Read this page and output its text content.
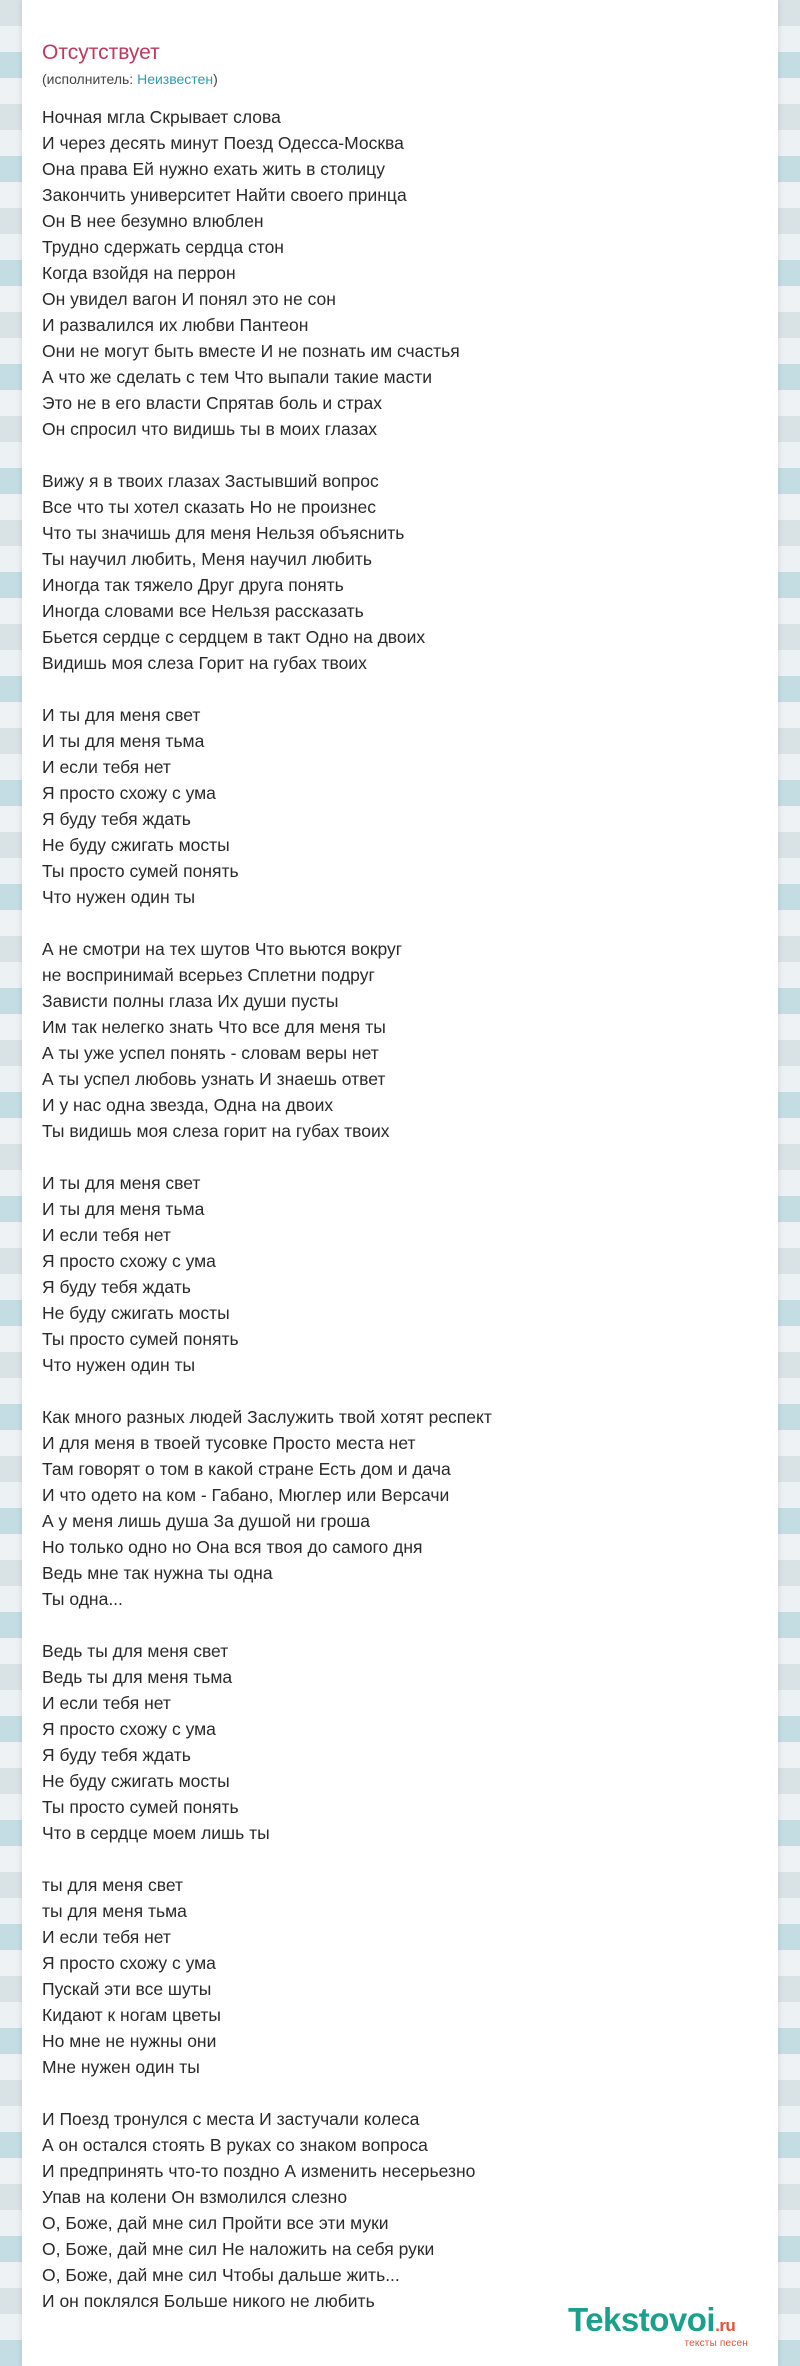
Отсутствует
(исполнитель: Неизвестен)
Ночная мгла Скрывает слова
И через десять минут Поезд Одесса-Москва
Она права Ей нужно ехать жить в столицу
Закончить университет Найти своего принца
Он В нее безумно влюблен
Трудно сдержать сердца стон
Когда взойдя на перрон
Он увидел вагон И понял это не сон
И развалился их любви Пантеон
Они не могут быть вместе И не познать им счастья
А что же сделать с тем Что выпали такие масти
Это не в его власти Спрятав боль и страх
Он спросил что видишь ты в моих глазах
Вижу я в твоих глазах Застывший вопрос
Все что ты хотел сказать Но не произнес
Что ты значишь для меня Нельзя объяснить
Ты научил любить, Меня научил любить
Иногда так тяжело Друг друга понять
Иногда словами все Нельзя рассказать
Бьется сердце с сердцем в такт Одно на двоих
Видишь моя слеза Горит на губах твоих
И ты для меня свет
И ты для меня тьма
И если тебя нет
Я просто схожу с ума
Я буду тебя ждать
Не буду сжигать мосты
Ты просто сумей понять
Что нужен один ты
А не смотри на тех шутов Что вьются вокруг
не воспринимай всерьез Сплетни подруг
Зависти полны глаза Их души пусты
Им так нелегко знать Что все для меня ты
А ты уже успел понять - словам веры нет
А ты успел любовь узнать И знаешь ответ
И у нас одна звезда, Одна на двоих
Ты видишь моя слеза горит на губах твоих
И ты для меня свет
И ты для меня тьма
И если тебя нет
Я просто схожу с ума
Я буду тебя ждать
Не буду сжигать мосты
Ты просто сумей понять
Что нужен один ты
Как много разных людей Заслужить твой хотят респект
И для меня в твоей тусовке Просто места нет
Там говорят о том в какой стране Есть дом и дача
И что одето на ком - Габано, Мюглер или Версачи
А у меня лишь душа За душой ни гроша
Но только одно но Она вся твоя до самого дня
Ведь мне так нужна ты одна
Ты одна...
Ведь ты для меня свет
Ведь ты для меня тьма
И если тебя нет
Я просто схожу с ума
Я буду тебя ждать
Не буду сжигать мосты
Ты просто сумей понять
Что в сердце моем лишь ты
ты для меня свет
ты для меня тьма
И если тебя нет
Я просто схожу с ума
Пускай эти все шуты
Кидают к ногам цветы
Но мне не нужны они
Мне нужен один ты
И Поезд тронулся с места И застучали колеса
А он остался стоять В руках со знаком вопроса
И предпринять что-то поздно А изменить несерьезно
Упав на колени Он взмолился слезно
О, Боже, дай мне сил Пройти все эти муки
О, Боже, дай мне сил Не наложить на себя руки
О, Боже, дай мне сил Чтобы дальше жить...
И он поклялся Больше никого не любить	Tekstovoi.ru
тексты песен
